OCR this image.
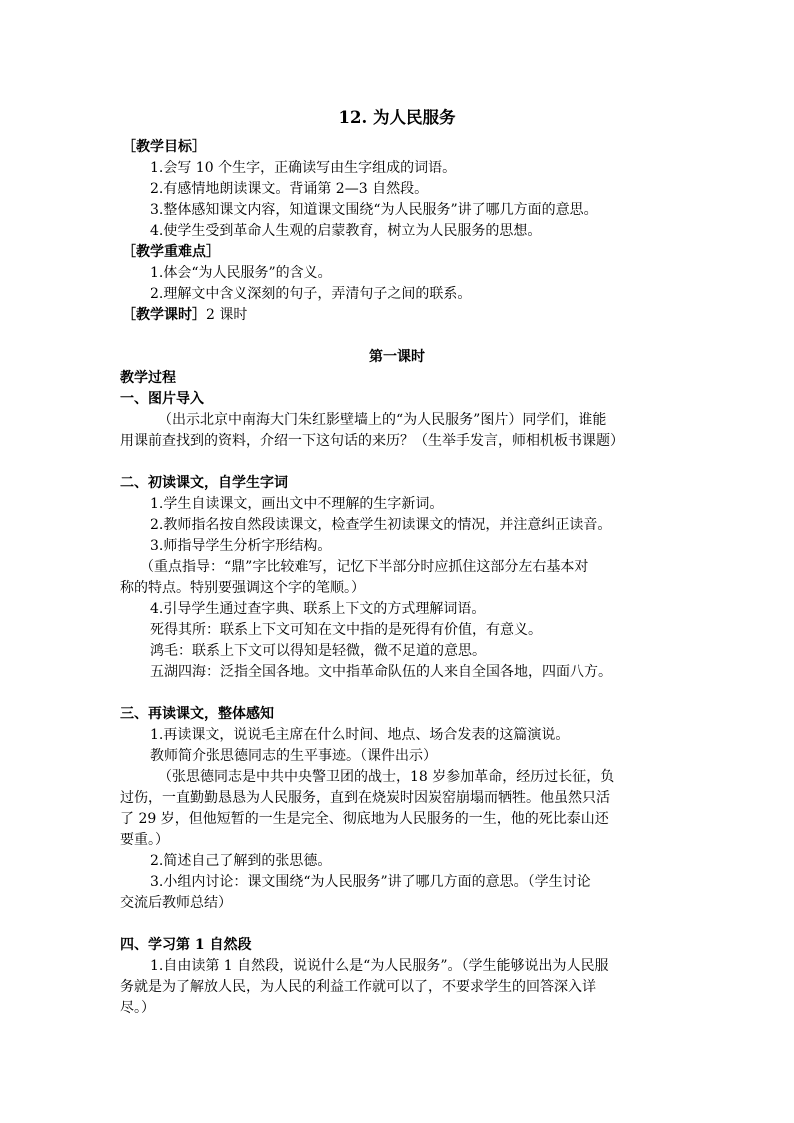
12. 为人民服务
［教学目标］
1.会写 10 个生字，正确读写由生字组成的词语。
2.有感情地朗读课文。背诵第 2—3 自然段。
3.整体感知课文内容，知道课文围绕“为人民服务”讲了哪几方面的意思。
4.使学生受到革命人生观的启蒙教育，树立为人民服务的思想。
［教学重难点］
1.体会“为人民服务”的含义。
2.理解文中含义深刻的句子，弄清句子之间的联系。
［教学课时］2 课时
第一课时
教学过程
一、图片导入
（出示北京中南海大门朱红影壁墙上的“为人民服务”图片）同学们，谁能
用课前查找到的资料，介绍一下这句话的来历？（生举手发言，师相机板书课题）
二、初读课文，自学生字词
1.学生自读课文，画出文中不理解的生字新词。
2.教师指名按自然段读课文，检查学生初读课文的情况，并注意纠正读音。
3.师指导学生分析字形结构。
（重点指导：“鼎”字比较难写，记忆下半部分时应抓住这部分左右基本对
称的特点。特别要强调这个字的笔顺。）
4.引导学生通过查字典、联系上下文的方式理解词语。
死得其所：联系上下文可知在文中指的是死得有价值，有意义。
鸿毛：联系上下文可以得知是轻微，微不足道的意思。
五湖四海：泛指全国各地。文中指革命队伍的人来自全国各地，四面八方。
三、再读课文，整体感知
1.再读课文，说说毛主席在什么时间、地点、场合发表的这篇演说。
教师简介张思德同志的生平事迹。（课件出示）
（张思德同志是中共中央警卫团的战士，18 岁参加革命，经历过长征，负
过伤，一直勤勤恳恳为人民服务，直到在烧炭时因炭窑崩塌而牺牲。他虽然只活
了 29 岁，但他短暂的一生是完全、彻底地为人民服务的一生，他的死比泰山还
要重。）
2.简述自己了解到的张思德。
3.小组内讨论：课文围绕“为人民服务”讲了哪几方面的意思。（学生讨论
交流后教师总结）
四、学习第 1 自然段
1.自由读第 1 自然段，说说什么是“为人民服务”。（学生能够说出为人民服
务就是为了解放人民，为人民的利益工作就可以了，不要求学生的回答深入详
尽。）
